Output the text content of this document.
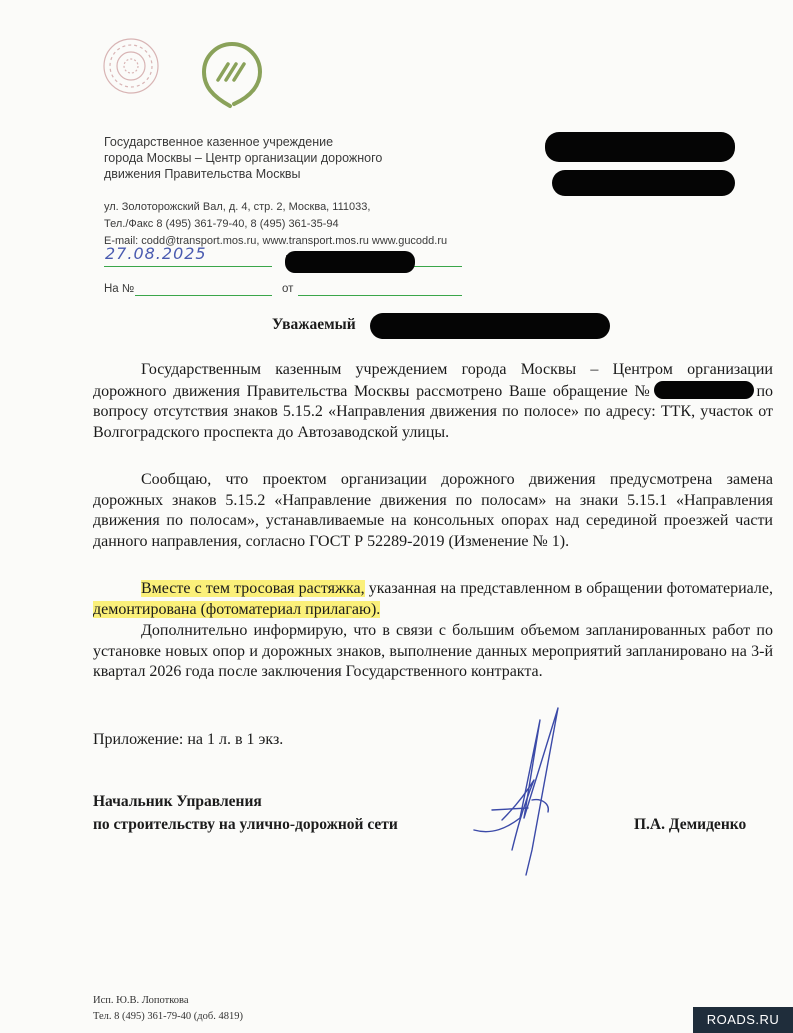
Государственное казенное учреждение
города Москвы – Центр организации дорожного
движения Правительства Москвы
ул. Золоторожский Вал, д. 4, стр. 2, Москва, 111033,
Тел./Факс 8 (495) 361-79-40, 8 (495) 361-35-94
E-mail: codd@transport.mos.ru, www.transport.mos.ru www.gucodd.ru
27.08.2025
На №	от
Уважаемый
Государственным казенным учреждением города Москвы – Центром организации дорожного движения Правительства Москвы рассмотрено Ваше обращение №	по вопросу отсутствия знаков 5.15.2 «Направления движения по полосе» по адресу: ТТК, участок от Волгоградского проспекта до Автозаводской улицы.
Сообщаю, что проектом организации дорожного движения предусмотрена замена дорожных знаков 5.15.2 «Направление движения по полосам» на знаки 5.15.1 «Направления движения по полосам», устанавливаемые на консольных опорах над серединой проезжей части данного направления, согласно ГОСТ Р 52289-2019 (Изменение № 1).
Вместе с тем тросовая растяжка, указанная на представленном в обращении фотоматериале, демонтирована (фотоматериал прилагаю).
Дополнительно информирую, что в связи с большим объемом запланированных работ по установке новых опор и дорожных знаков, выполнение данных мероприятий запланировано на 3-й квартал 2026 года после заключения Государственного контракта.
Приложение: на 1 л. в 1 экз.
Начальник Управления
по строительству на улично-дорожной сети	П.А. Демиденко
Исп. Ю.В. Лопоткова
Тел. 8 (495) 361-79-40 (доб. 4819)	ROADS.RU
